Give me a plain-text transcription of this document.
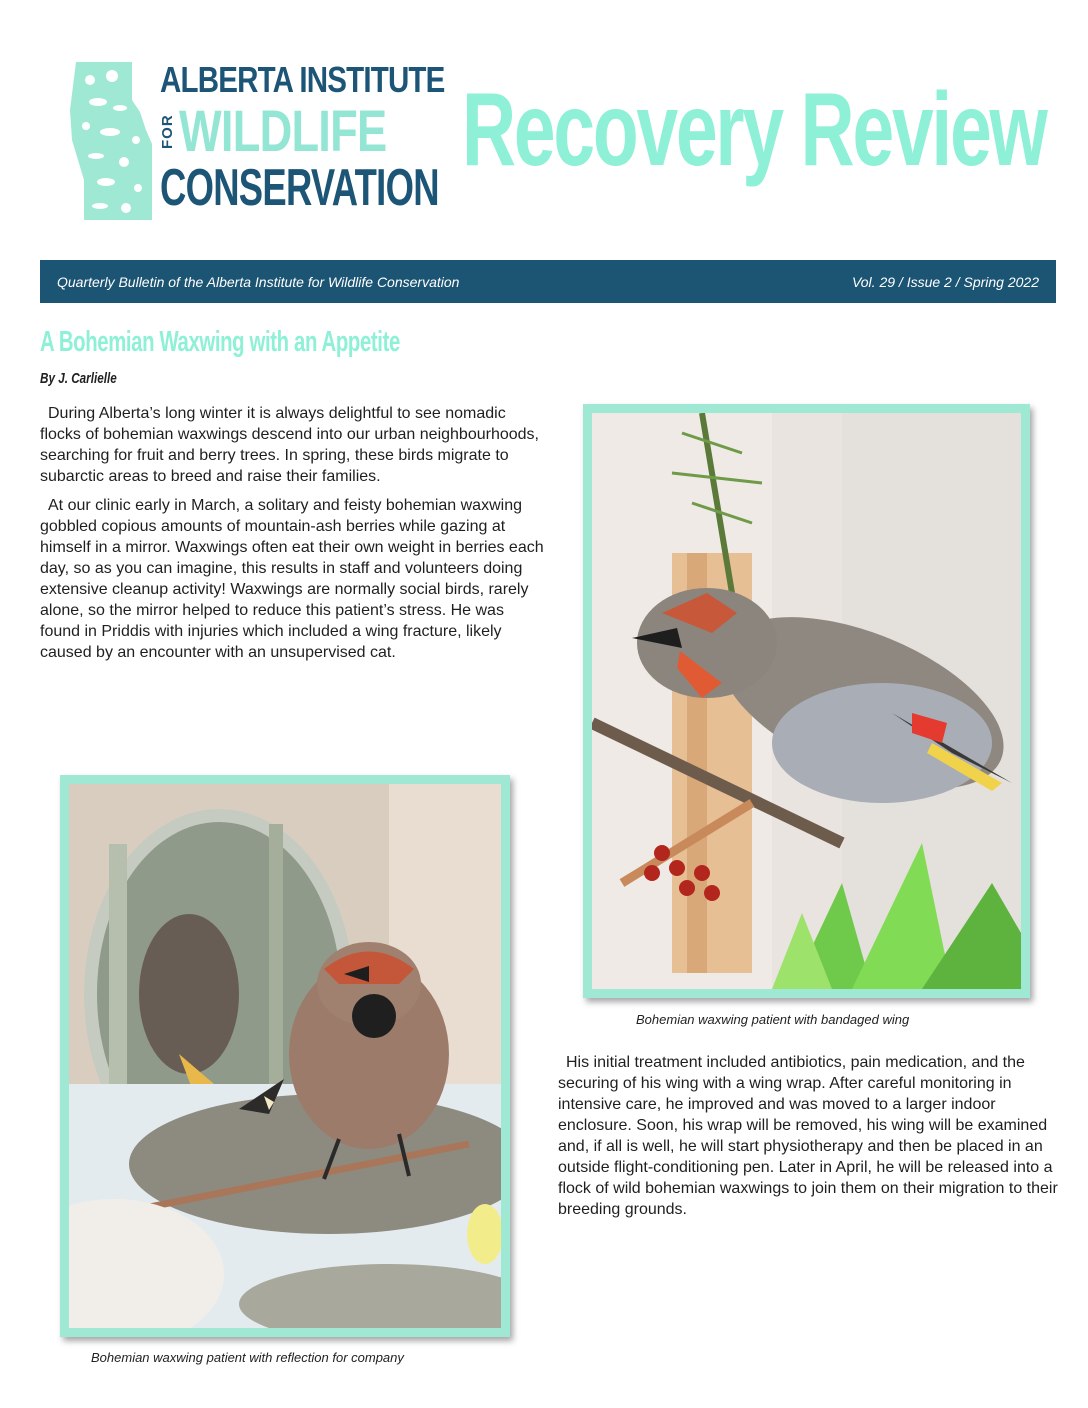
ALBERTA INSTITUTE
FOR WILDLIFE
CONSERVATION Recovery Review
Quarterly Bulletin of the Alberta Institute for Wildlife Conservation	Vol. 29 / Issue 2 / Spring 2022
A Bohemian Waxwing with an Appetite
By J. Carlielle

During Alberta’s long winter it is always delightful to see nomadic flocks of bohemian waxwings descend into our urban neighbourhoods, searching for fruit and berry trees. In spring, these birds migrate to subarctic areas to breed and raise their families.

At our clinic early in March, a solitary and feisty bohemian waxwing gobbled copious amounts of mountain-ash berries while gazing at himself in a mirror. Waxwings often eat their own weight in berries each day, so as you can imagine, this results in staff and volunteers doing extensive cleanup activity! Waxwings are normally social birds, rarely alone, so the mirror helped to reduce this patient’s stress. He was found in Priddis with injuries which included a wing fracture, likely caused by an encounter with an unsupervised cat.

His initial treatment included antibiotics, pain medication, and the securing of his wing with a wing wrap. After careful monitoring in intensive care, he improved and was moved to a larger indoor enclosure. Soon, his wrap will be removed, his wing will be examined and, if all is well, he will start physiotherapy and then be placed in an outside flight-conditioning pen. Later in April, he will be released into a flock of wild bohemian waxwings to join them on their migration to their breeding grounds.

Bohemian waxwing patient with bandaged wing
Bohemian waxwing patient with reflection for company
